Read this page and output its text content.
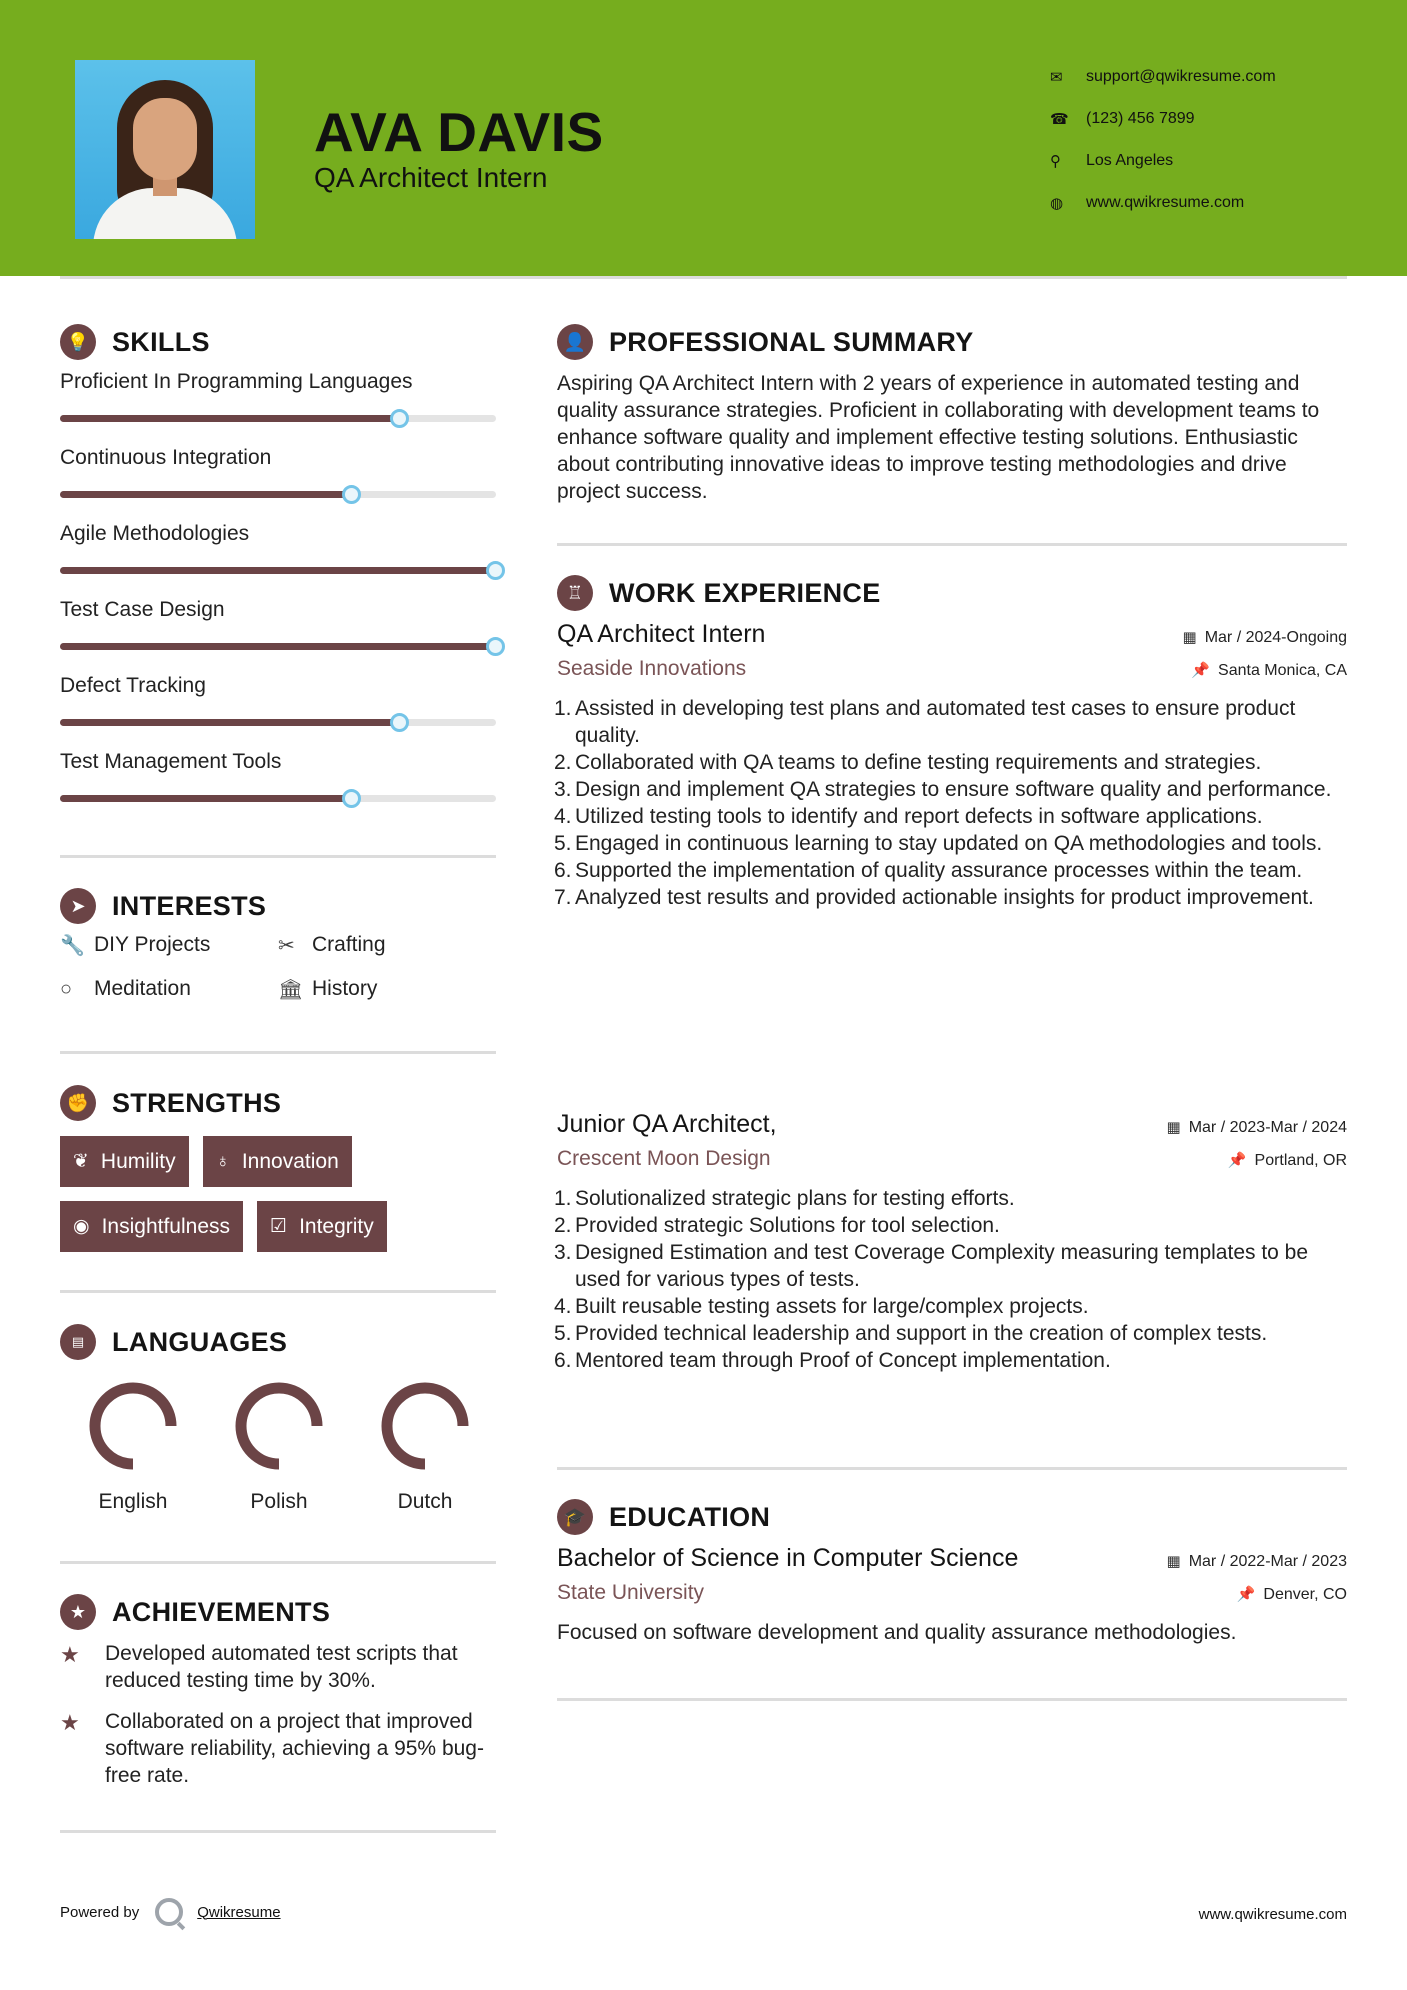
AVA DAVIS
QA Architect Intern
✉	support@qwikresume.com
☎	(123) 456 7899
⚲	Los Angeles
◍	www.qwikresume.com
💡 SKILLS
Proficient In Programming Languages
Continuous Integration
Agile Methodologies
Test Case Design
Defect Tracking
Test Management Tools
➤ INTERESTS
🔧 DIY Projects	✂ Crafting
○	Meditation	🏛 History
✊ STRENGTHS
❦ Humility ♁ Innovation
◉ Insightfulness ☑ Integrity
▤	LANGUAGES
English	Polish	Dutch
★ ACHIEVEMENTS
★	Developed automated test scripts that reduced testing time by 30%.
★	Collaborated on a project that improved software reliability, achieving a 95% bug-free rate.
👤 PROFESSIONAL SUMMARY
Aspiring QA Architect Intern with 2 years of experience in automated testing and quality assurance strategies. Proficient in collaborating with development teams to enhance software quality and implement effective testing solutions. Enthusiastic about contributing innovative ideas to improve testing methodologies and drive project success.
♖ WORK EXPERIENCE
QA Architect Intern	▦ Mar / 2024-Ongoing
Seaside Innovations	📌 Santa Monica, CA
1. Assisted in developing test plans and automated test cases to ensure product quality.
2. Collaborated with QA teams to define testing requirements and strategies.
3. Design and implement QA strategies to ensure software quality and performance.
4. Utilized testing tools to identify and report defects in software applications.
5. Engaged in continuous learning to stay updated on QA methodologies and tools.
6. Supported the implementation of quality assurance processes within the team.
7. Analyzed test results and provided actionable insights for product improvement.
Junior QA Architect,	▦ Mar / 2023-Mar / 2024
Crescent Moon Design	📌 Portland, OR
1. Solutionalized strategic plans for testing efforts.
2. Provided strategic Solutions for tool selection.
3. Designed Estimation and test Coverage Complexity measuring templates to be used for various types of tests.
4. Built reusable testing assets for large/complex projects.
5. Provided technical leadership and support in the creation of complex tests.
6. Mentored team through Proof of Concept implementation.
🎓 EDUCATION
Bachelor of Science in Computer Science	▦ Mar / 2022-Mar / 2023
State University	📌 Denver, CO
Focused on software development and quality assurance methodologies.
Powered by	Qwikresume	www.qwikresume.com
